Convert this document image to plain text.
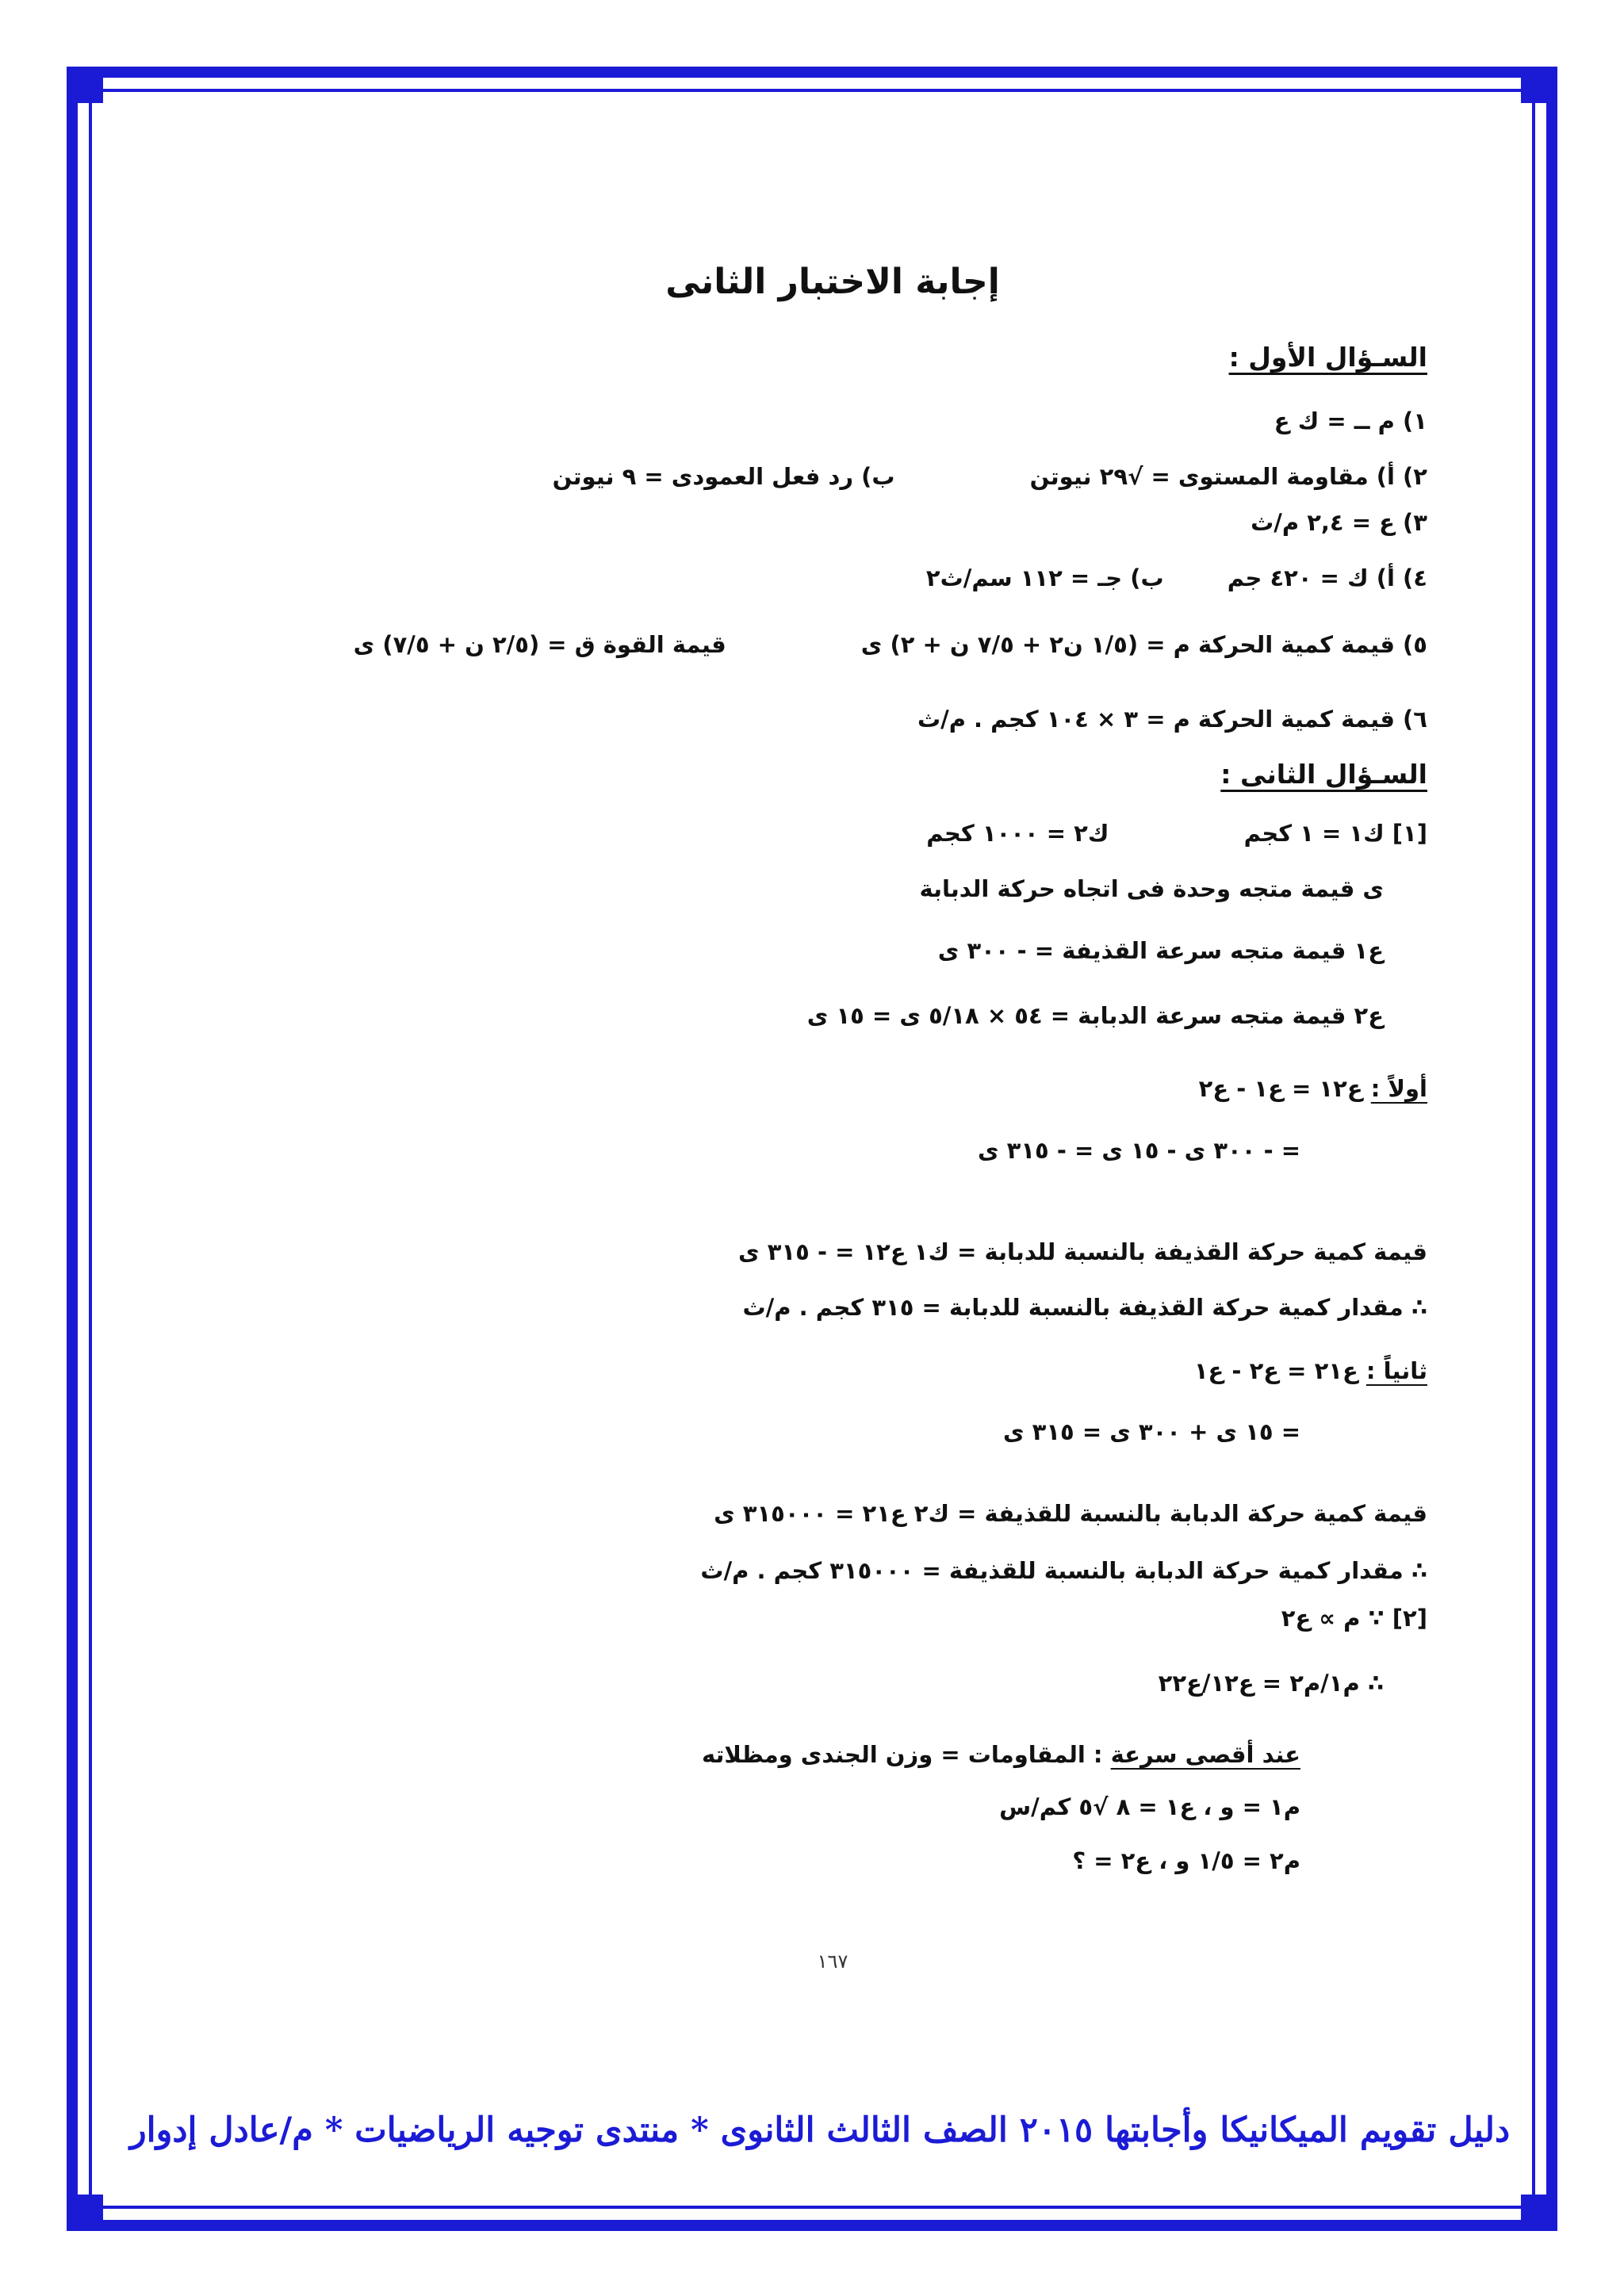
إجابة الاختبار الثانى
السـؤال الأول :
١) م ــ = ك ع
٢) أ) مقاومة المستوى = √٢٩ نيوتن ب) رد فعل العمودى = ٩ نيوتن
٣) ع = ٢,٤ م/ث
٤) أ) ك = ٤٢٠ جم ب) جـ = ١١٢ سم/ث٢
٥) قيمة كمية الحركة م = (١/٥ ن٢ + ٧/٥ ن + ٢) ى قيمة القوة ق = (٢/٥ ن + ٧/٥) ى
٦) قيمة كمية الحركة م = ٣ × ١٠٤ كجم . م/ث
السـؤال الثانى :
[١] ك١ = ١ كجم ك٢ = ١٠٠٠ كجم
ى قيمة متجه وحدة فى اتجاه حركة الدبابة
ع١ قيمة متجه سرعة القذيفة = - ٣٠٠ ى
ع٢ قيمة متجه سرعة الدبابة = ٥٤ × ٥/١٨ ى = ١٥ ى
أولاً : ع١٢ = ع١ - ع٢
= - ٣٠٠ ى - ١٥ ى = - ٣١٥ ى
قيمة كمية حركة القذيفة بالنسبة للدبابة = ك١ ع١٢ = - ٣١٥ ى
∴ مقدار كمية حركة القذيفة بالنسبة للدبابة = ٣١٥ كجم . م/ث
ثانياً : ع٢١ = ع٢ - ع١
= ١٥ ى + ٣٠٠ ى = ٣١٥ ى
قيمة كمية حركة الدبابة بالنسبة للقذيفة = ك٢ ع٢١ = ٣١٥٠٠٠ ى
∴ مقدار كمية حركة الدبابة بالنسبة للقذيفة = ٣١٥٠٠٠ كجم . م/ث
[٢] ∵ م ∝ ع٢
∴ م١/م٢ = ع١٢/ع٢٢
عند أقصى سرعة : المقاومات = وزن الجندى ومظلاته
م١ = و ، ع١ = ٨ √٥ كم/س
م٢ = ١/٥ و ، ع٢ = ؟
١٦٧
دليل تقويم الميكانيكا وأجابتها ٢٠١٥ الصف الثالث الثانوى * منتدى توجيه الرياضيات * م/عادل إدوار
